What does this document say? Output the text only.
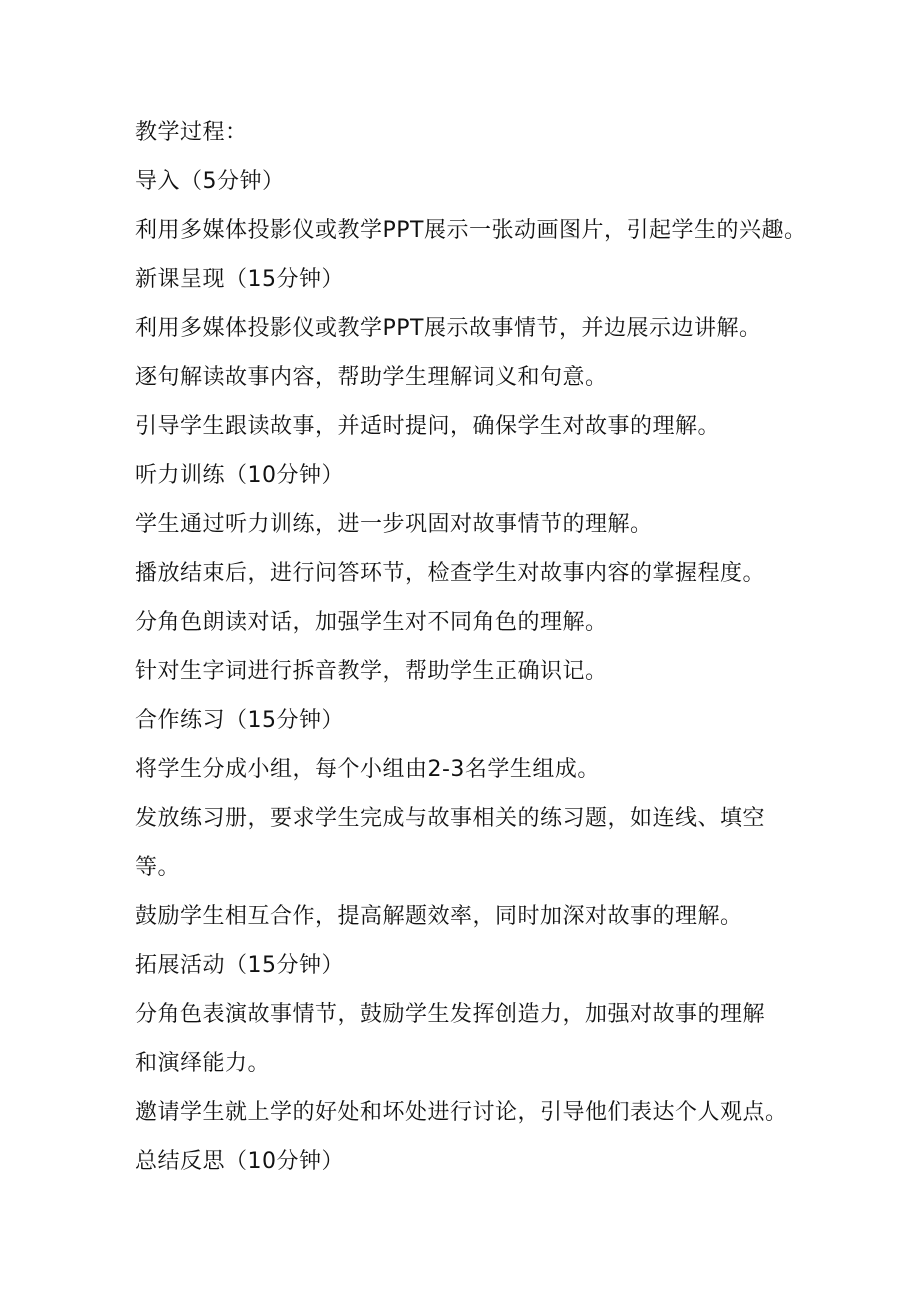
教学过程：
导入（5分钟）
利用多媒体投影仪或教学PPT展示一张动画图片，引起学生的兴趣。
新课呈现（15分钟）
利用多媒体投影仪或教学PPT展示故事情节，并边展示边讲解。
逐句解读故事内容，帮助学生理解词义和句意。
引导学生跟读故事，并适时提问，确保学生对故事的理解。
听力训练（10分钟）
学生通过听力训练，进一步巩固对故事情节的理解。
播放结束后，进行问答环节，检查学生对故事内容的掌握程度。
分角色朗读对话，加强学生对不同角色的理解。
针对生字词进行拆音教学，帮助学生正确识记。
合作练习（15分钟）
将学生分成小组，每个小组由2-3名学生组成。
发放练习册，要求学生完成与故事相关的练习题，如连线、填空
等。
鼓励学生相互合作，提高解题效率，同时加深对故事的理解。
拓展活动（15分钟）
分角色表演故事情节，鼓励学生发挥创造力，加强对故事的理解
和演绎能力。
邀请学生就上学的好处和坏处进行讨论，引导他们表达个人观点。
总结反思（10分钟）
